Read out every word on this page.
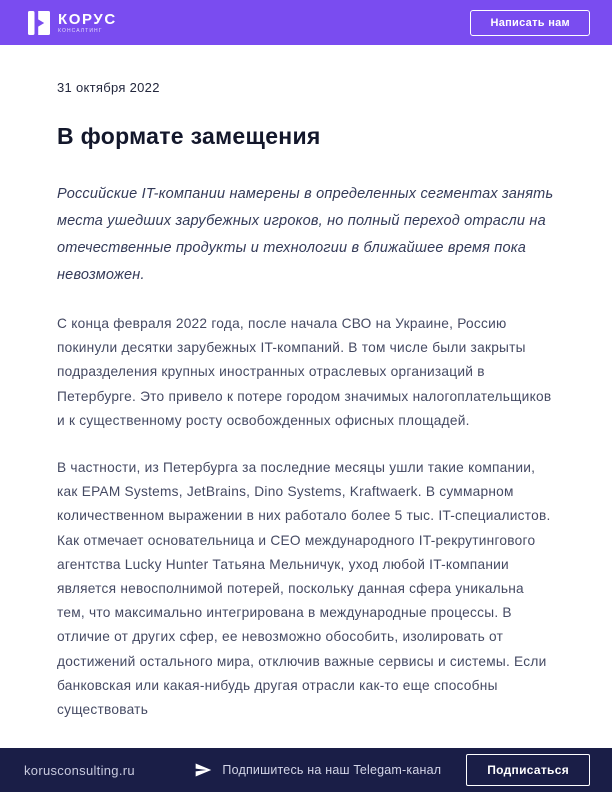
КОРУС
КОНСАЛТИНГ
Написать нам
31 октября 2022
В формате замещения

Российские IT-компании намерены в определенных сегментах занять места ушедших зарубежных игроков, но полный переход отрасли на отечественные продукты и технологии в ближайшее время пока невозможен.

С конца февраля 2022 года, после начала СВО на Украине, Россию покинули десятки зарубежных IT-компаний. В том числе были закрыты подразделения крупных иностранных отраслевых организаций в Петербурге. Это привело к потере городом значимых налогоплательщиков и к существенному росту освобожденных офисных площадей.

В частности, из Петербурга за последние месяцы ушли такие компании, как EPAM Systems, JetBrains, Dino Systems, Kraftwaerk. В суммарном количественном выражении в них работало более 5 тыс. IT-специалистов. Как отмечает основательница и CEO международного IT-рекрутингового агентства Lucky Hunter Татьяна Мельничук, уход любой IT-компании является невосполнимой потерей, поскольку данная сфера уникальна тем, что максимально интегрирована в международные процессы. В отличие от других сфер, ее невозможно обособить, изолировать от достижений остального мира, отключив важные сервисы и системы. Если банковская или какая-нибудь другая отрасли как-то еще способны существовать

korusconsulting.ru	Подпишитесь на наш Telegam-канал	Подписаться
